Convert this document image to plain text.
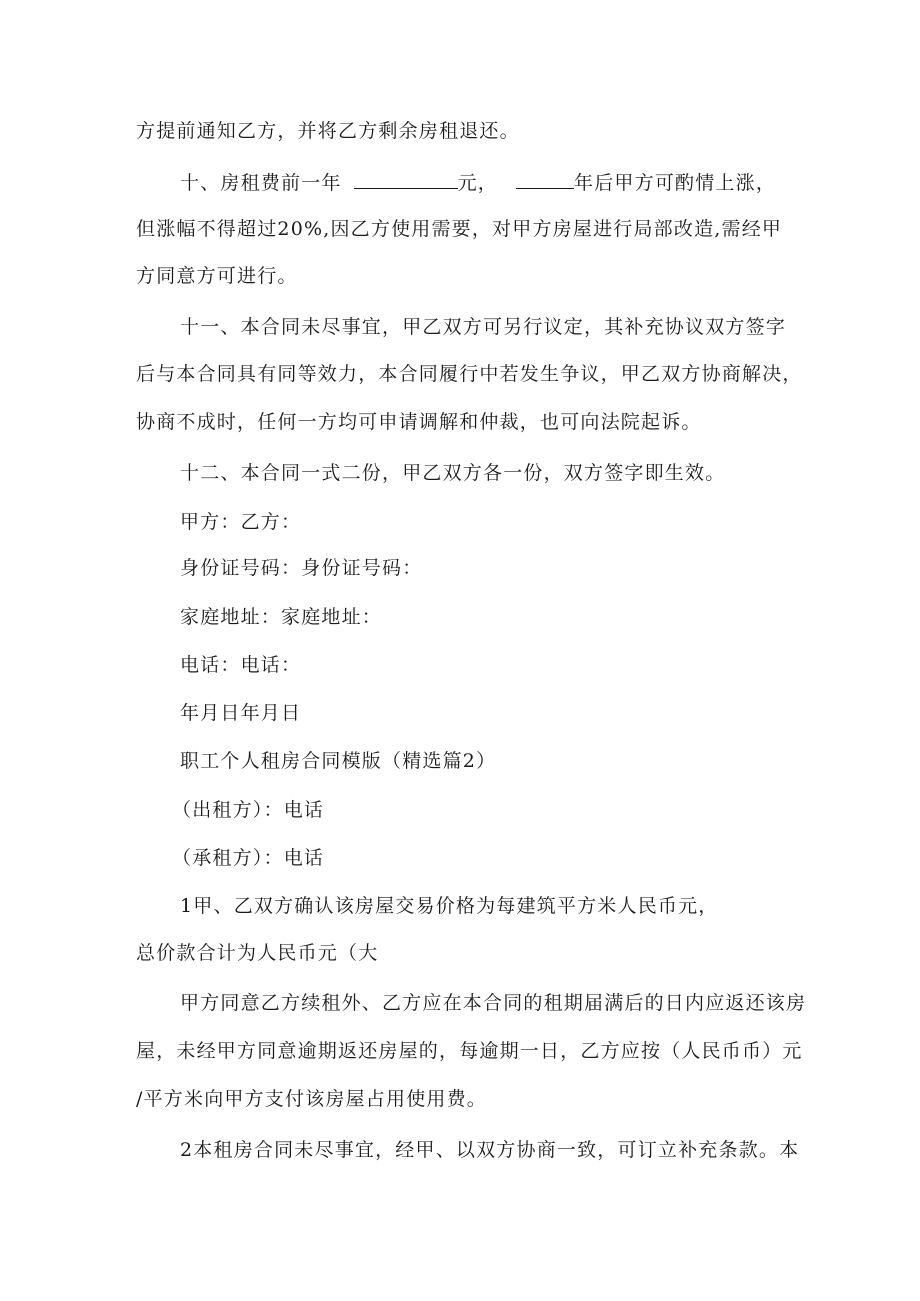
方提前通知乙方，并将乙方剩余房租退还。
十、房租费前一年	元，	年后甲方可酌情上涨，
但涨幅不得超过20%,因乙方使用需要，对甲方房屋进行局部改造,需经甲
方同意方可进行。
十一、本合同未尽事宜，甲乙双方可另行议定，其补充协议双方签字
后与本合同具有同等效力，本合同履行中若发生争议，甲乙双方协商解决，
协商不成时，任何一方均可申请调解和仲裁，也可向法院起诉。
十二、本合同一式二份，甲乙双方各一份，双方签字即生效。
甲方：乙方：
身份证号码：身份证号码：
家庭地址：家庭地址：
电话：电话：
年月日年月日
职工个人租房合同模版（精选篇2）
（出租方）：电话
（承租方）：电话
1甲、乙双方确认该房屋交易价格为每建筑平方米人民币元，
总价款合计为人民币元（大
甲方同意乙方续租外、乙方应在本合同的租期届满后的日内应返还该房
屋，未经甲方同意逾期返还房屋的，每逾期一日，乙方应按（人民币币）元
/平方米向甲方支付该房屋占用使用费。
2本租房合同未尽事宜，经甲、以双方协商一致，可订立补充条款。本
